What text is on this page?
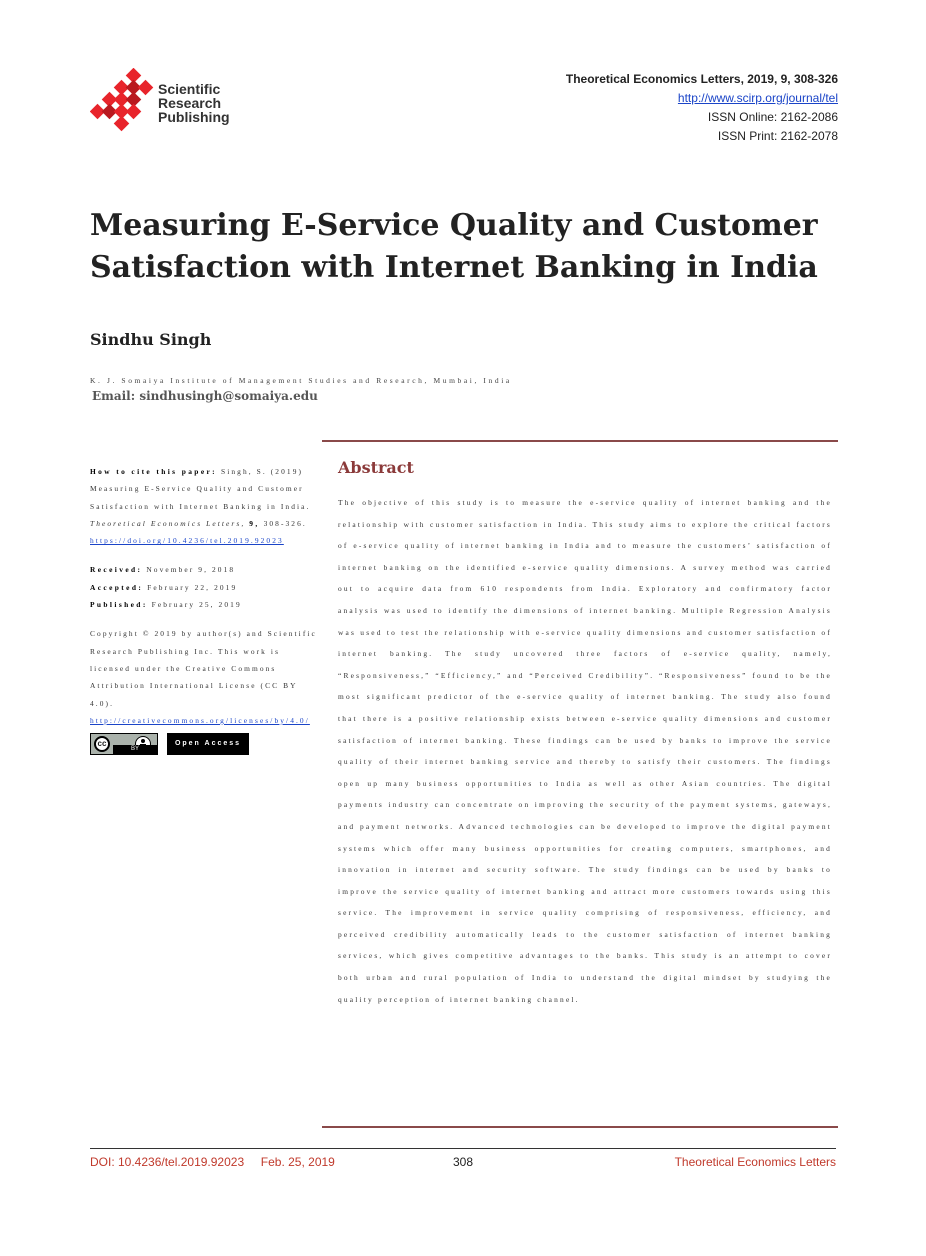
Scientific
Research
Publishing
Theoretical Economics Letters, 2019, 9, 308-326
http://www.scirp.org/journal/tel
ISSN Online: 2162-2086
ISSN Print: 2162-2078
Measuring E-Service Quality and Customer Satisfaction with Internet Banking in India
Sindhu Singh
K. J. Somaiya Institute of Management Studies and Research, Mumbai, India
Email: sindhusingh@somaiya.edu

How to cite this paper: Singh, S. (2019) Measuring E-Service Quality and Customer Satisfaction with Internet Banking in India. Theoretical Economics Letters, 9, 308-326.
https://doi.org/10.4236/tel.2019.92023

Received: November 9, 2018
Accepted: February 22, 2019
Published: February 25, 2019

Copyright © 2019 by author(s) and Scientific Research Publishing Inc. This work is licensed under the Creative Commons Attribution International License (CC BY 4.0).
http://creativecommons.org/licenses/by/4.0/

cc
BY
Open Access
Abstract
The objective of this study is to measure the e-service quality of internet banking and the relationship with customer satisfaction in India. This study aims to explore the critical factors of e-service quality of internet banking in India and to measure the customers’ satisfaction of internet banking on the identified e-service quality dimensions. A survey method was carried out to acquire data from 610 respondents from India. Exploratory and confirmatory factor analysis was used to identify the dimensions of internet banking. Multiple Regression Analysis was used to test the relationship with e-service quality dimensions and customer satisfaction of internet banking. The study uncovered three factors of e-service quality, namely, “Responsiveness,” “Efficiency,” and “Perceived Credibility”. “Responsiveness” found to be the most significant predictor of the e-service quality of internet banking. The study also found that there is a positive relationship exists between e-service quality dimensions and customer satisfaction of internet banking. These findings can be used by banks to improve the service quality of their internet banking service and thereby to satisfy their customers. The findings open up many business opportunities to India as well as other Asian countries. The digital payments industry can concentrate on improving the security of the payment systems, gateways, and payment networks. Advanced technologies can be developed to improve the digital payment systems which offer many business opportunities for creating computers, smartphones, and innovation in internet and security software. The study findings can be used by banks to improve the service quality of internet banking and attract more customers towards using this service. The improvement in service quality comprising of responsiveness, efficiency, and perceived credibility automatically leads to the customer satisfaction of internet banking services, which gives competitive advantages to the banks. This study is an attempt to cover both urban and rural population of India to understand the digital mindset by studying the quality perception of internet banking channel.
DOI: 10.4236/tel.2019.92023     Feb. 25, 2019	308	Theoretical Economics Letters
